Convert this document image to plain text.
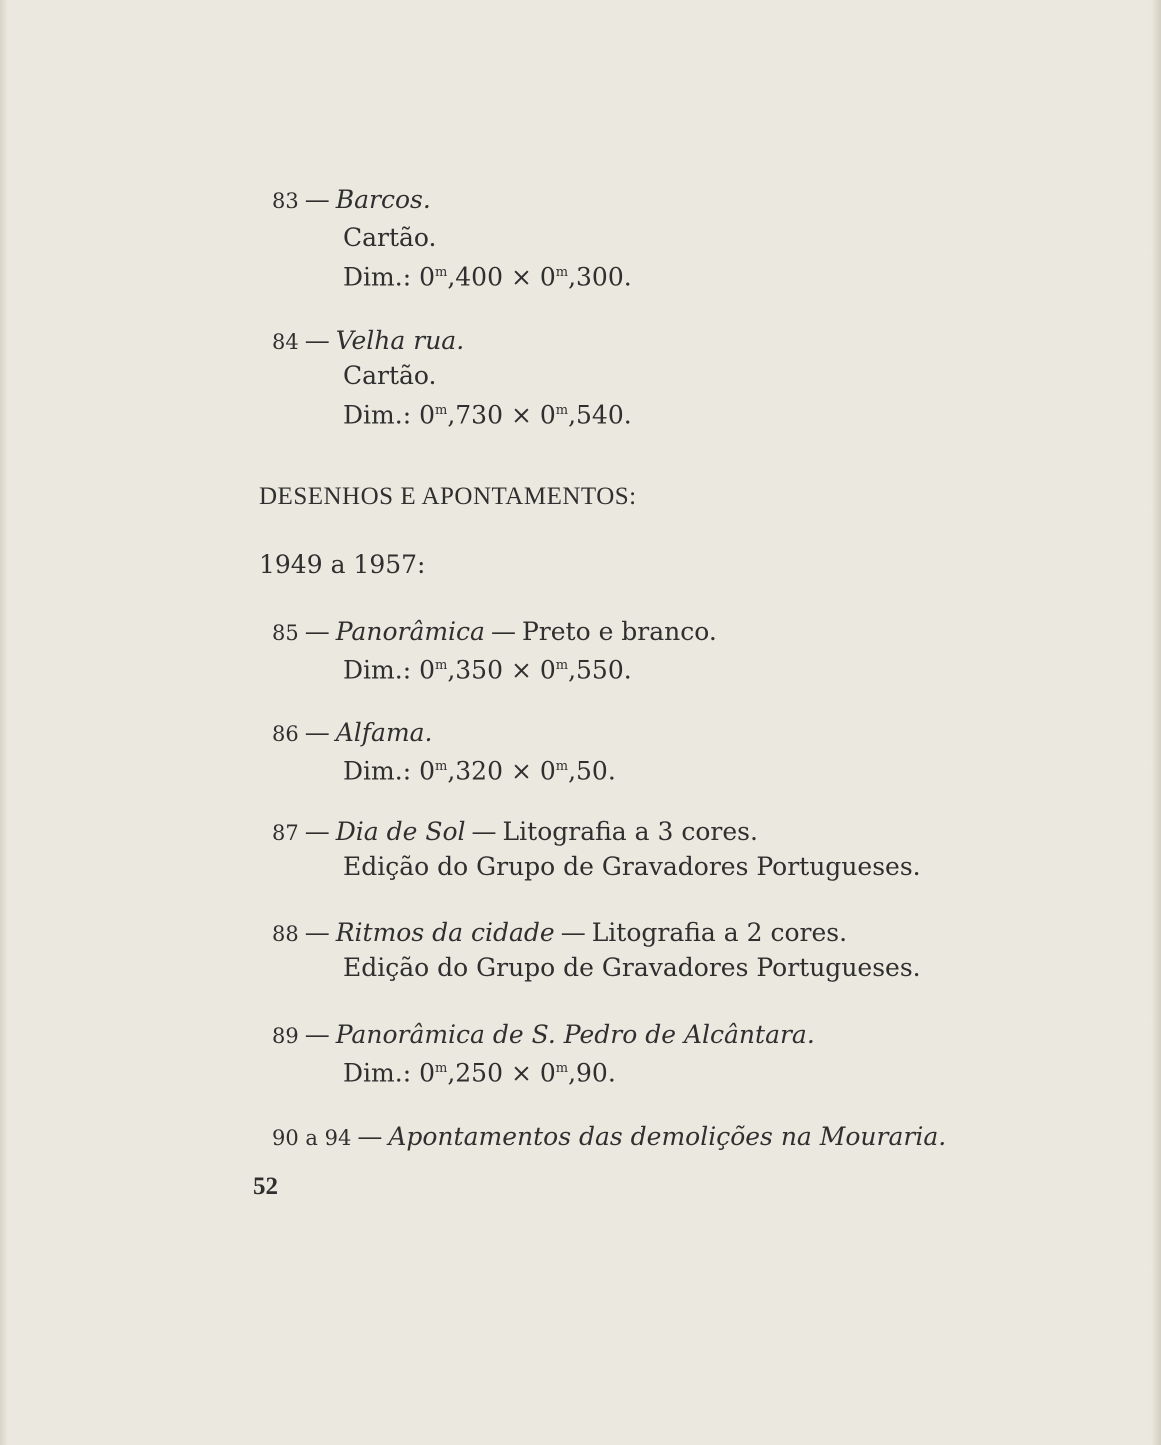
83 — Barcos.
Cartão.
Dim.: $0^m,400 \times 0^m,300$.
84 — Velha rua.
Cartão.
Dim.: $0^m,730 \times 0^m,540$.
DESENHOS E APONTAMENTOS:
1949 a 1957:
85 — Panorâmica — Preto e branco.
Dim.: $0^m,350 \times 0^m,550$.
86 — Alfama.
Dim.: $0^m,320 \times 0^m,50$.
87 — Dia de Sol — Litografia a 3 cores.
Edição do Grupo de Gravadores Portugueses.
88 — Ritmos da cidade — Litografia a 2 cores.
Edição do Grupo de Gravadores Portugueses.
89 — Panorâmica de S. Pedro de Alcântara.
Dim.: $0^m,250 \times 0^m,90$.
90 a 94 — Apontamentos das demolições na Mouraria.
52
